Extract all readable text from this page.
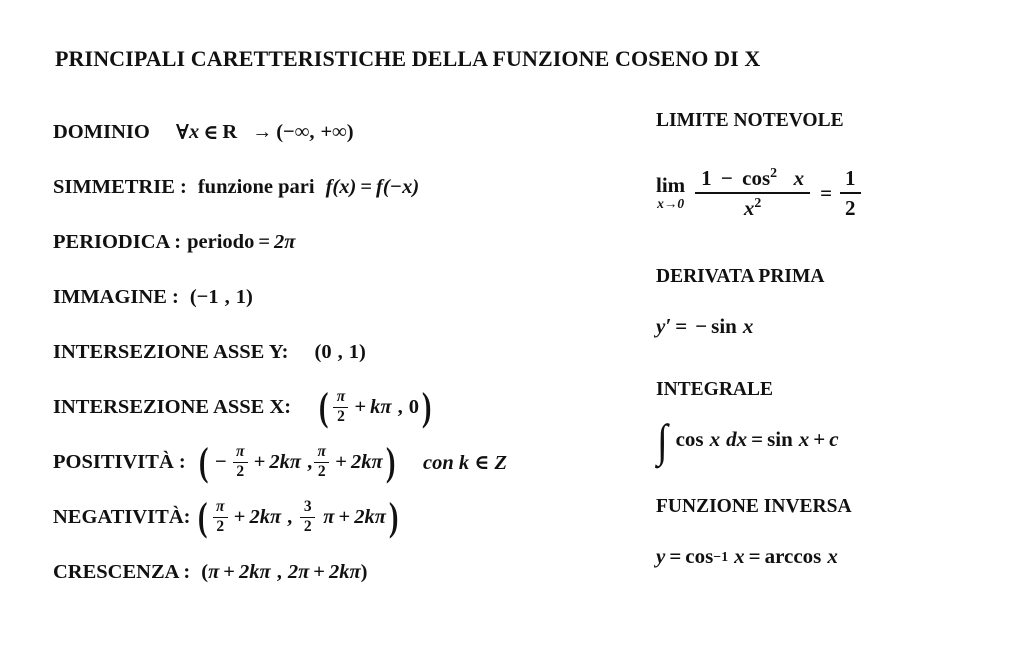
PRINCIPALI CARETTERISTICHE DELLA FUNZIONE COSENO DI X
DOMINIO ∀ x ∈ R → ( −∞ , +∞ )
SIMMETRIE : funzione pari f(x) = f(−x)
PERIODICA : periodo = 2π
IMMAGINE : ( −1 , 1 )
INTERSEZIONE ASSE Y: ( 0 , 1 )
INTERSEZIONE ASSE X: ( $\frac{\pi}{2} + k\pi$ , 0 )
POSITIVITÀ : ( − $\frac{\pi}{2} + 2k\pi$ , $\frac{\pi}{2} + 2k\pi$ ) con k ∈ Z
NEGATIVITÀ: ( $\frac{\pi}{2} + 2k\pi$ , $\frac{3}{2}$ π + 2kπ )
CRESCENZA : ( π + 2kπ , 2π + 2kπ )
LIMITE NOTEVOLE
lim
$x\to 0 \frac{1 - \cos^2 x}{x^2} = \frac{1}{2}$
DERIVATA PRIMA
y′ = − sin x
INTEGRALE
∫ cos x dx = sin x + c
FUNZIONE INVERSA
y = cos −1 x = arccos x
